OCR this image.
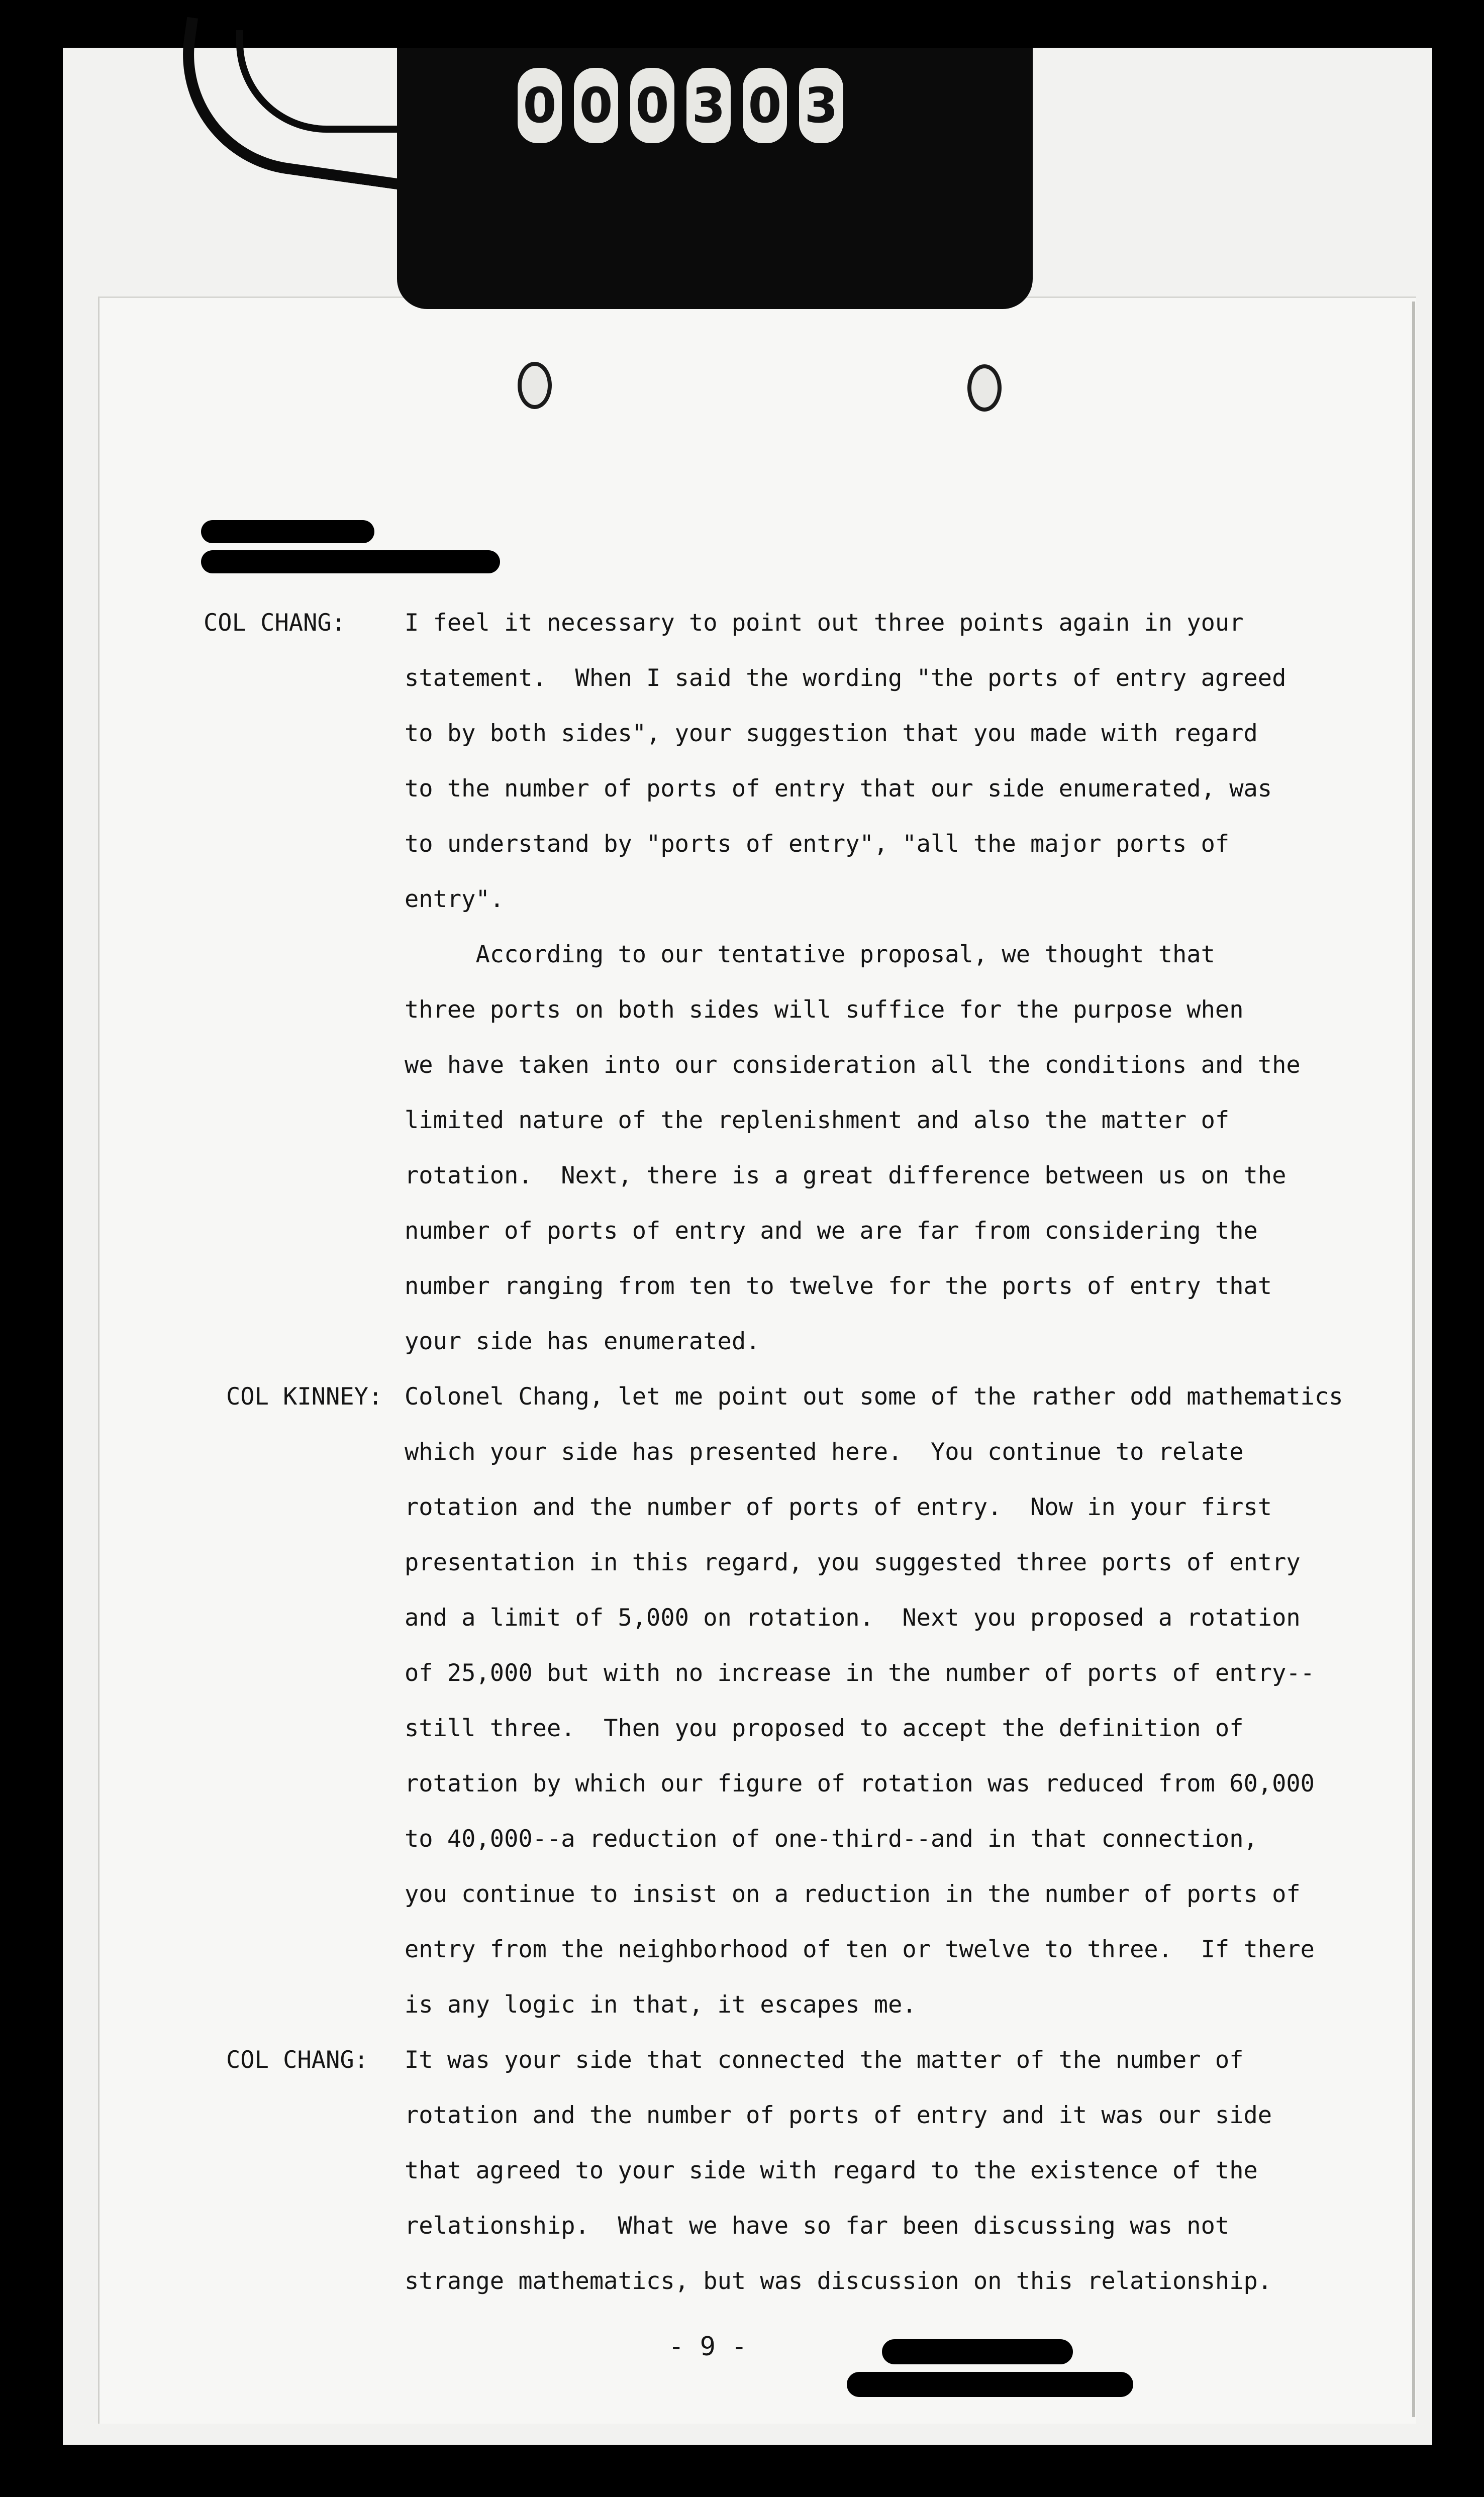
0 0 0 3 0 3
COL CHANG:	I feel it necessary to point out three points again in your
statement.  When I said the wording "the ports of entry agreed
to by both sides", your suggestion that you made with regard
to the number of ports of entry that our side enumerated, was
to understand by "ports of entry", "all the major ports of
entry".
According to our tentative proposal, we thought that
three ports on both sides will suffice for the purpose when
we have taken into our consideration all the conditions and the
limited nature of the replenishment and also the matter of
rotation.  Next, there is a great difference between us on the
number of ports of entry and we are far from considering the
number ranging from ten to twelve for the ports of entry that
your side has enumerated.
COL KINNEY: Colonel Chang, let me point out some of the rather odd mathematics
which your side has presented here.  You continue to relate
rotation and the number of ports of entry.  Now in your first
presentation in this regard, you suggested three ports of entry
and a limit of 5,000 on rotation.  Next you proposed a rotation
of 25,000 but with no increase in the number of ports of entry--
still three.  Then you proposed to accept the definition of
rotation by which our figure of rotation was reduced from 60,000
to 40,000--a reduction of one-third--and in that connection,
you continue to insist on a reduction in the number of ports of
entry from the neighborhood of ten or twelve to three.  If there
is any logic in that, it escapes me.
COL CHANG:	It was your side that connected the matter of the number of
rotation and the number of ports of entry and it was our side
that agreed to your side with regard to the existence of the
relationship.  What we have so far been discussing was not
strange mathematics, but was discussion on this relationship.
- 9 -
